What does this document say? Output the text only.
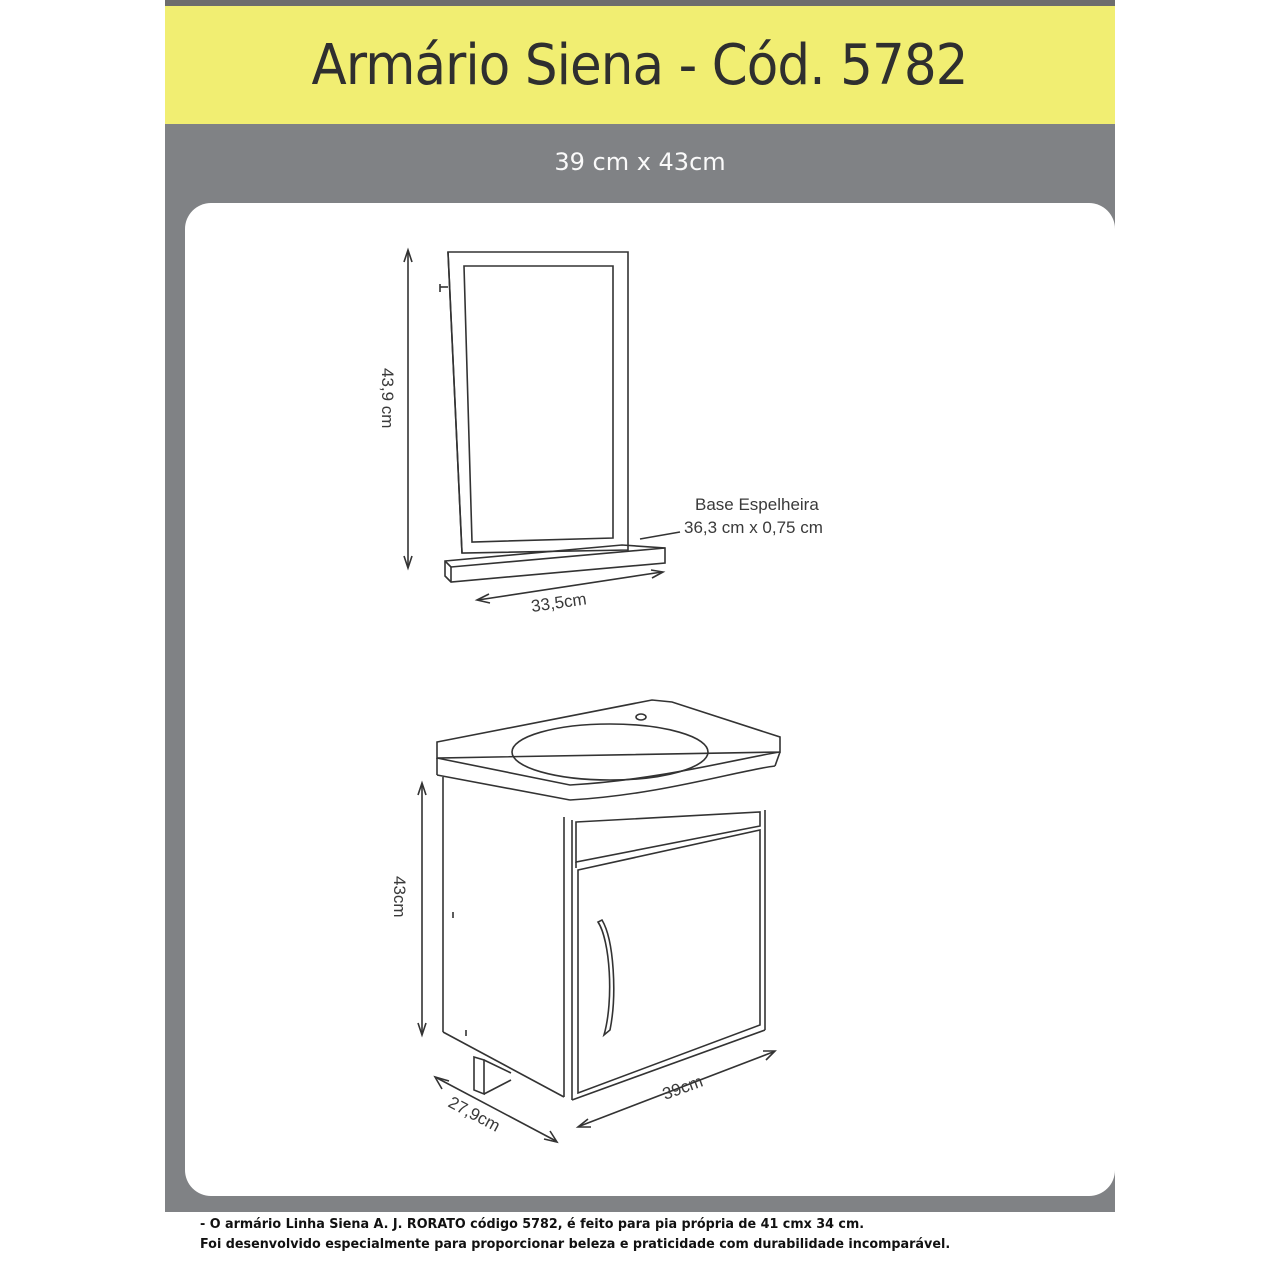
Armário Siena - Cód. 5782
39 cm x 43cm
43,9 cm
33,5cm
Base Espelheira
36,3 cm x 0,75 cm
43cm
27,9cm
39cm
- O armário Linha Siena A. J. RORATO código 5782, é feito para pia própria de 41 cmx 34 cm.
Foi desenvolvido especialmente para proporcionar beleza e praticidade com durabilidade incomparável.
